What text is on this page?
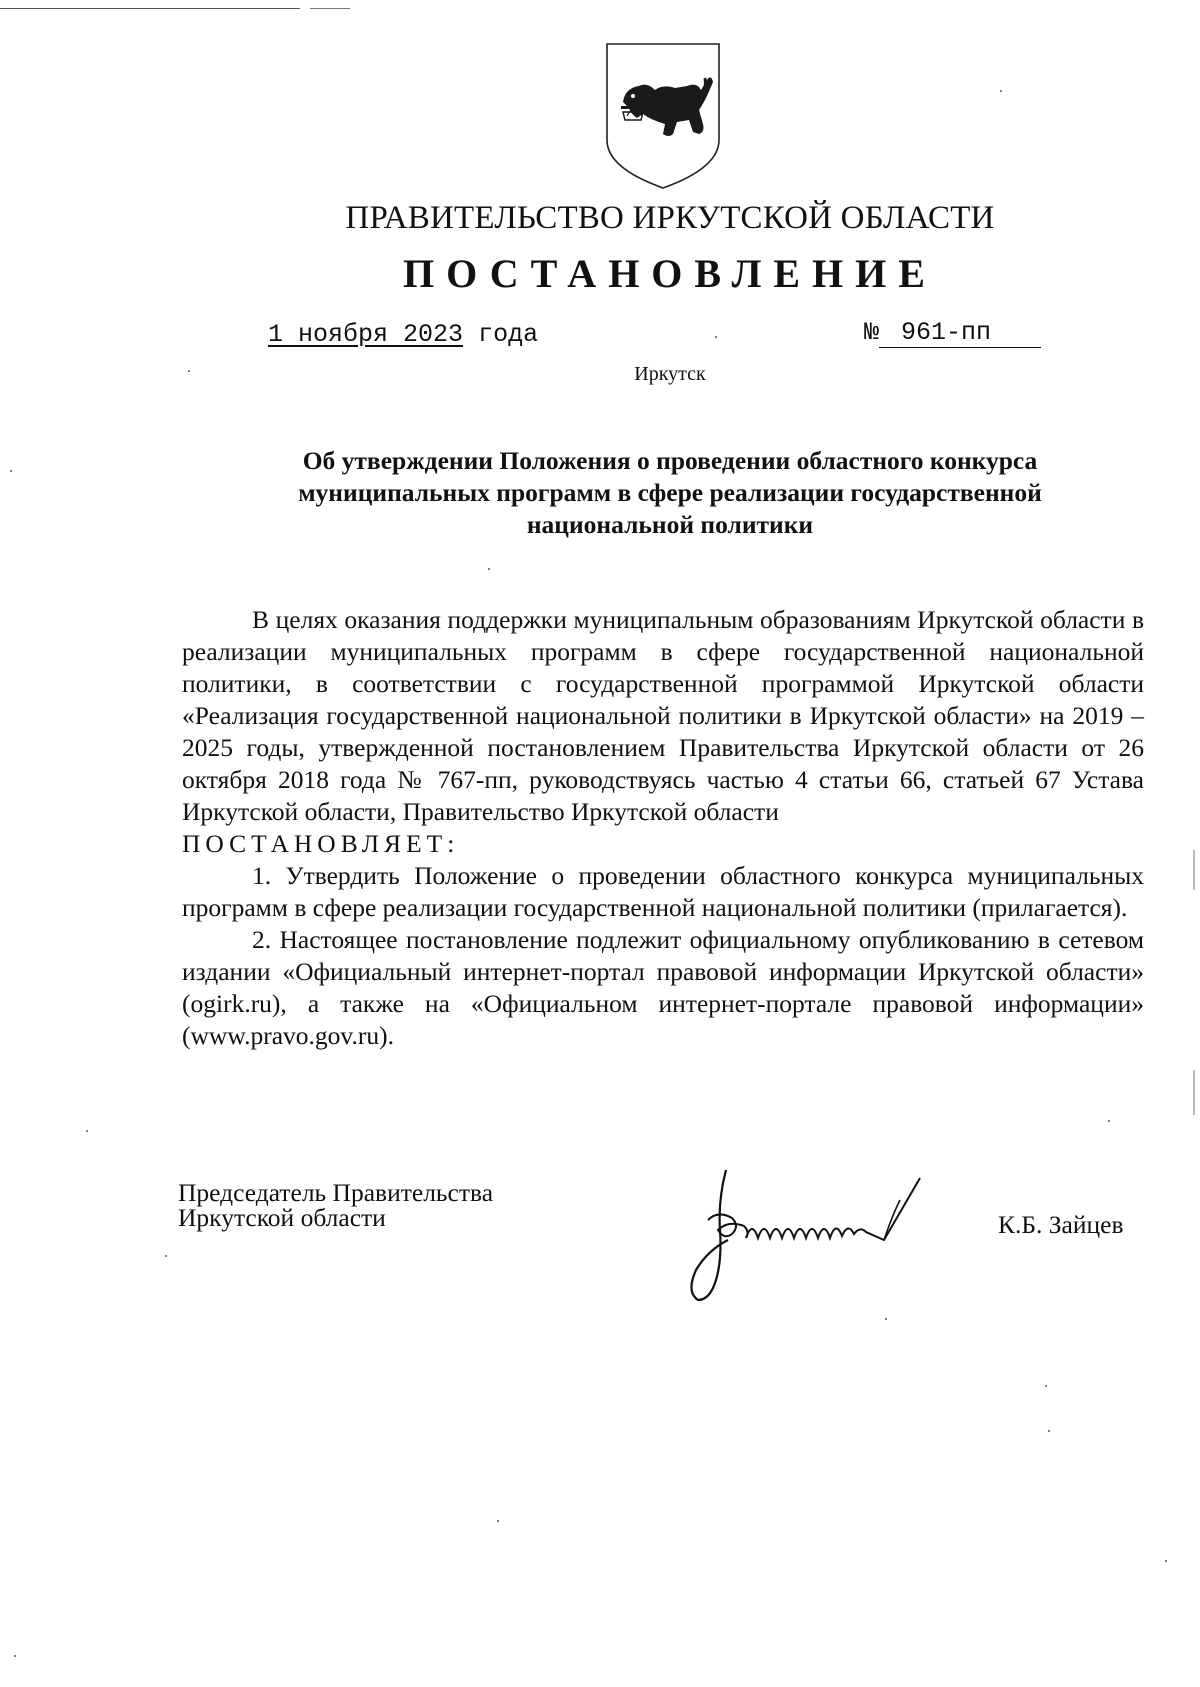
ПРАВИТЕЛЬСТВО ИРКУТСКОЙ ОБЛАСТИ
ПОСТАНОВЛЕНИЕ
1 ноября 2023 года	№ 961-пп
Иркутск
Об утверждении Положения о проведении областного конкурса
муниципальных программ в сфере реализации государственной
национальной политики

В целях оказания поддержки муниципальным образованиям Иркутской области в реализации муниципальных программ в сфере государственной национальной политики, в соответствии с государственной программой Иркутской области «Реализация государственной национальной политики в Иркутской области» на 2019 – 2025 годы, утвержденной постановлением Правительства Иркутской области от 26 октября 2018 года № 767-пп, руководствуясь частью 4 статьи 66, статьей 67 Устава Иркутской области, Правительство Иркутской области

ПОСТАНОВЛЯЕТ:

1. Утвердить Положение о проведении областного конкурса муниципальных программ в сфере реализации государственной национальной политики (прилагается).

2. Настоящее постановление подлежит официальному опубликованию в сетевом издании «Официальный интернет-портал правовой информации Иркутской области» (ogirk.ru), а также на «Официальном интернет-портале правовой информации» (www.pravo.gov.ru).

Председатель Правительства
Иркутской области	К.Б. Зайцев
